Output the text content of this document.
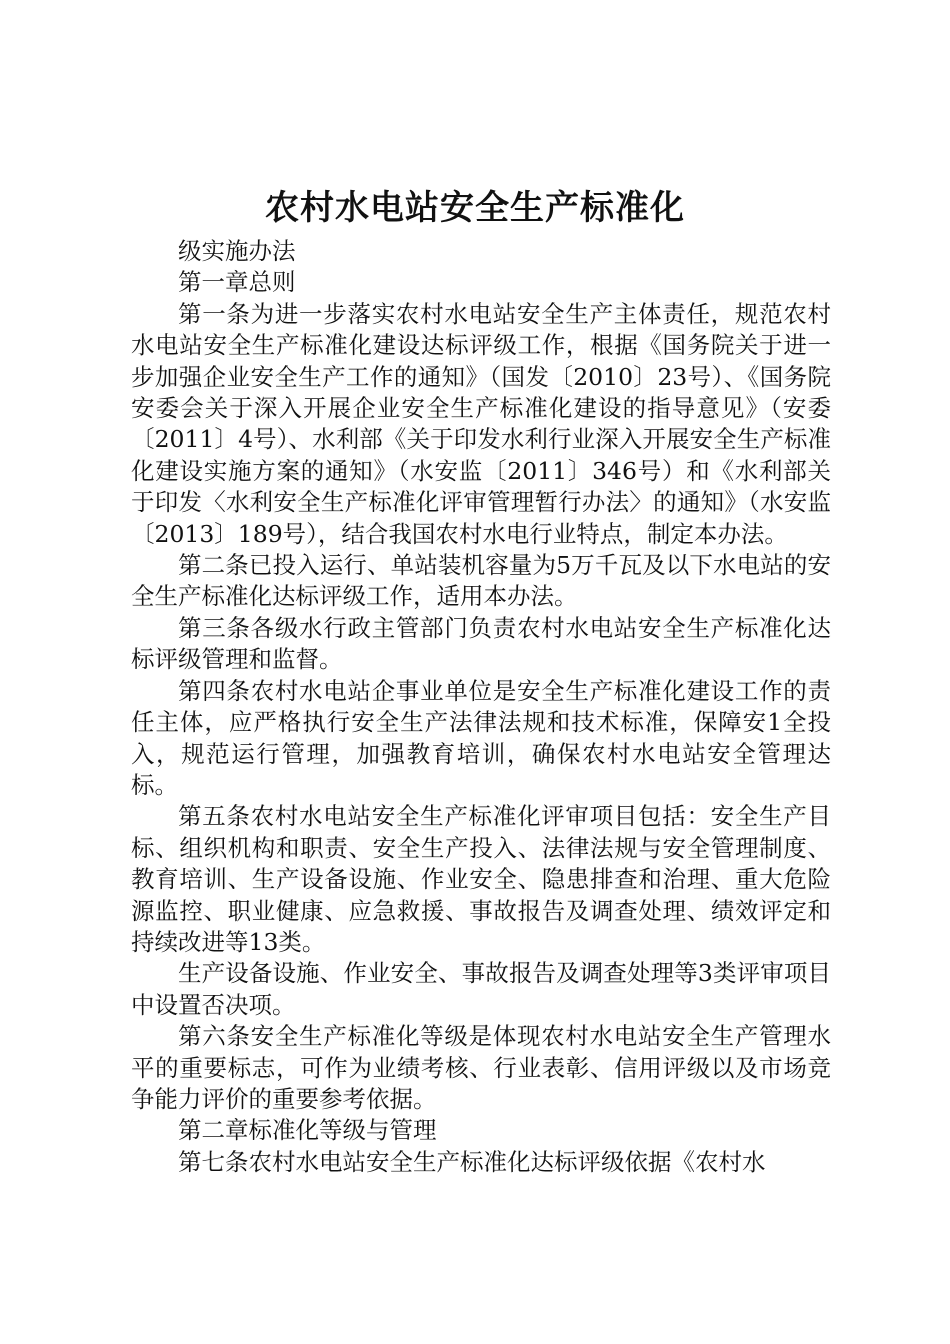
农村水电站安全生产标准化

级实施办法

第一章总则

第一条为进一步落实农村水电站安全生产主体责任，规范农村水电站安全生产标准化建设达标评级工作，根据《国务院关于进一步加强企业安全生产工作的通知》（国发〔2010〕23号）、《国务院安委会关于深入开展企业安全生产标准化建设的指导意见》（安委〔2011〕4号）、水利部《关于印发水利行业深入开展安全生产标准化建设实施方案的通知》（水安监〔2011〕346号）和《水利部关于印发〈水利安全生产标准化评审管理暂行办法〉的通知》（水安监〔2013〕189号），结合我国农村水电行业特点，制定本办法。

第二条已投入运行、单站装机容量为5万千瓦及以下水电站的安全生产标准化达标评级工作，适用本办法。

第三条各级水行政主管部门负责农村水电站安全生产标准化达标评级管理和监督。

第四条农村水电站企事业单位是安全生产标准化建设工作的责任主体，应严格执行安全生产法律法规和技术标准，保障安1全投入，规范运行管理，加强教育培训，确保农村水电站安全管理达标。

第五条农村水电站安全生产标准化评审项目包括：安全生产目标、组织机构和职责、安全生产投入、法律法规与安全管理制度、教育培训、生产设备设施、作业安全、隐患排查和治理、重大危险源监控、职业健康、应急救援、事故报告及调查处理、绩效评定和持续改进等13类。

生产设备设施、作业安全、事故报告及调查处理等3类评审项目中设置否决项。

第六条安全生产标准化等级是体现农村水电站安全生产管理水平的重要标志，可作为业绩考核、行业表彰、信用评级以及市场竞争能力评价的重要参考依据。

第二章标准化等级与管理

第七条农村水电站安全生产标准化达标评级依据《农村水
